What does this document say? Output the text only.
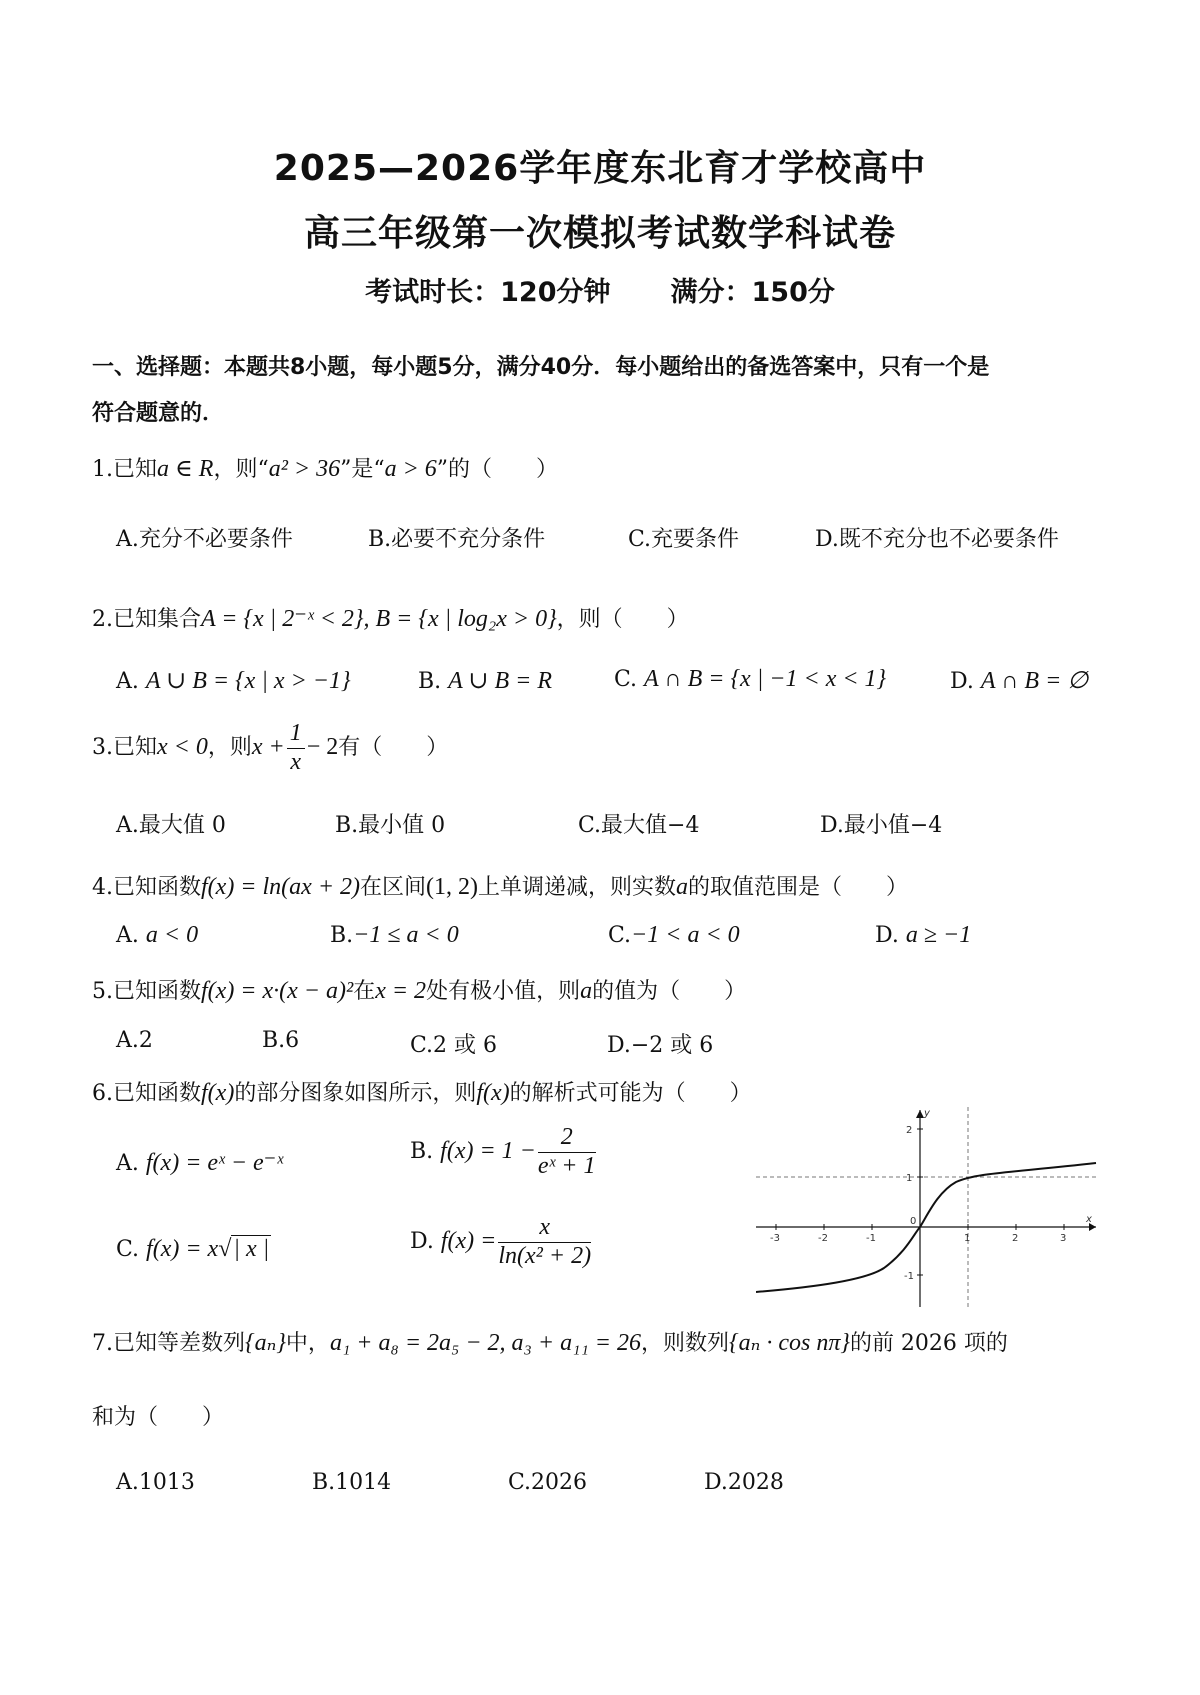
2025—2026学年度东北育才学校高中
高三年级第一次模拟考试数学科试卷
考试时长：120分钟 满分：150分
一、选择题：本题共8小题，每小题5分，满分40分．每小题给出的备选答案中，只有一个是
符合题意的．
1.已知a ∈ R，则“a² > 36”是“a > 6”的（　　）
A.充分不必要条件	B.必要不充分条件	C.充要条件	D.既不充分也不必要条件
2.已知集合A = {x | 2⁻ˣ < 2}, B = {x | log₂x > 0}，则（　　）
A. A ∪ B = {x | x > −1}	B. A ∪ B = R	C. A ∩ B = {x | −1 < x < 1}	D. A ∩ B = ∅
3.已知x < 0，则$x + \frac{1}{x} - 2$有（　　）
A.最大值 0	B.最小值 0	C.最大值−4	D.最小值−4
4.已知函数f(x) = ln(ax + 2)在区间(1, 2)上单调递减，则实数a的取值范围是（　　）
A. a < 0	B.−1 ≤ a < 0	C.−1 < a < 0	D. a ≥ −1
5.已知函数f(x) = x·(x − a)²在x = 2处有极小值，则a的值为（　　）
A.2	B.6	C.2 或 6	D.−2 或 6
6.已知函数f(x)的部分图象如图所示，则f(x)的解析式可能为（　　）
A. f(x) = eˣ − e⁻ˣ	B. $f(x) = 1 - \frac{2}{\text{eˣ + 1}}$
C. f(x) = x√| x |	D. $f(x) = \frac{x}{\text{ln(x² + 2)}}$	-3	-2	-1	1	2	3
2
1
-1
0	x
y
7.已知等差数列{aₙ}中，a₁ + a₈ = 2a₅ − 2, a₃ + a₁₁ = 26，则数列{aₙ · cos nπ}的前 2026 项的
和为（　　）
A.1013	B.1014	C.2026	D.2028
